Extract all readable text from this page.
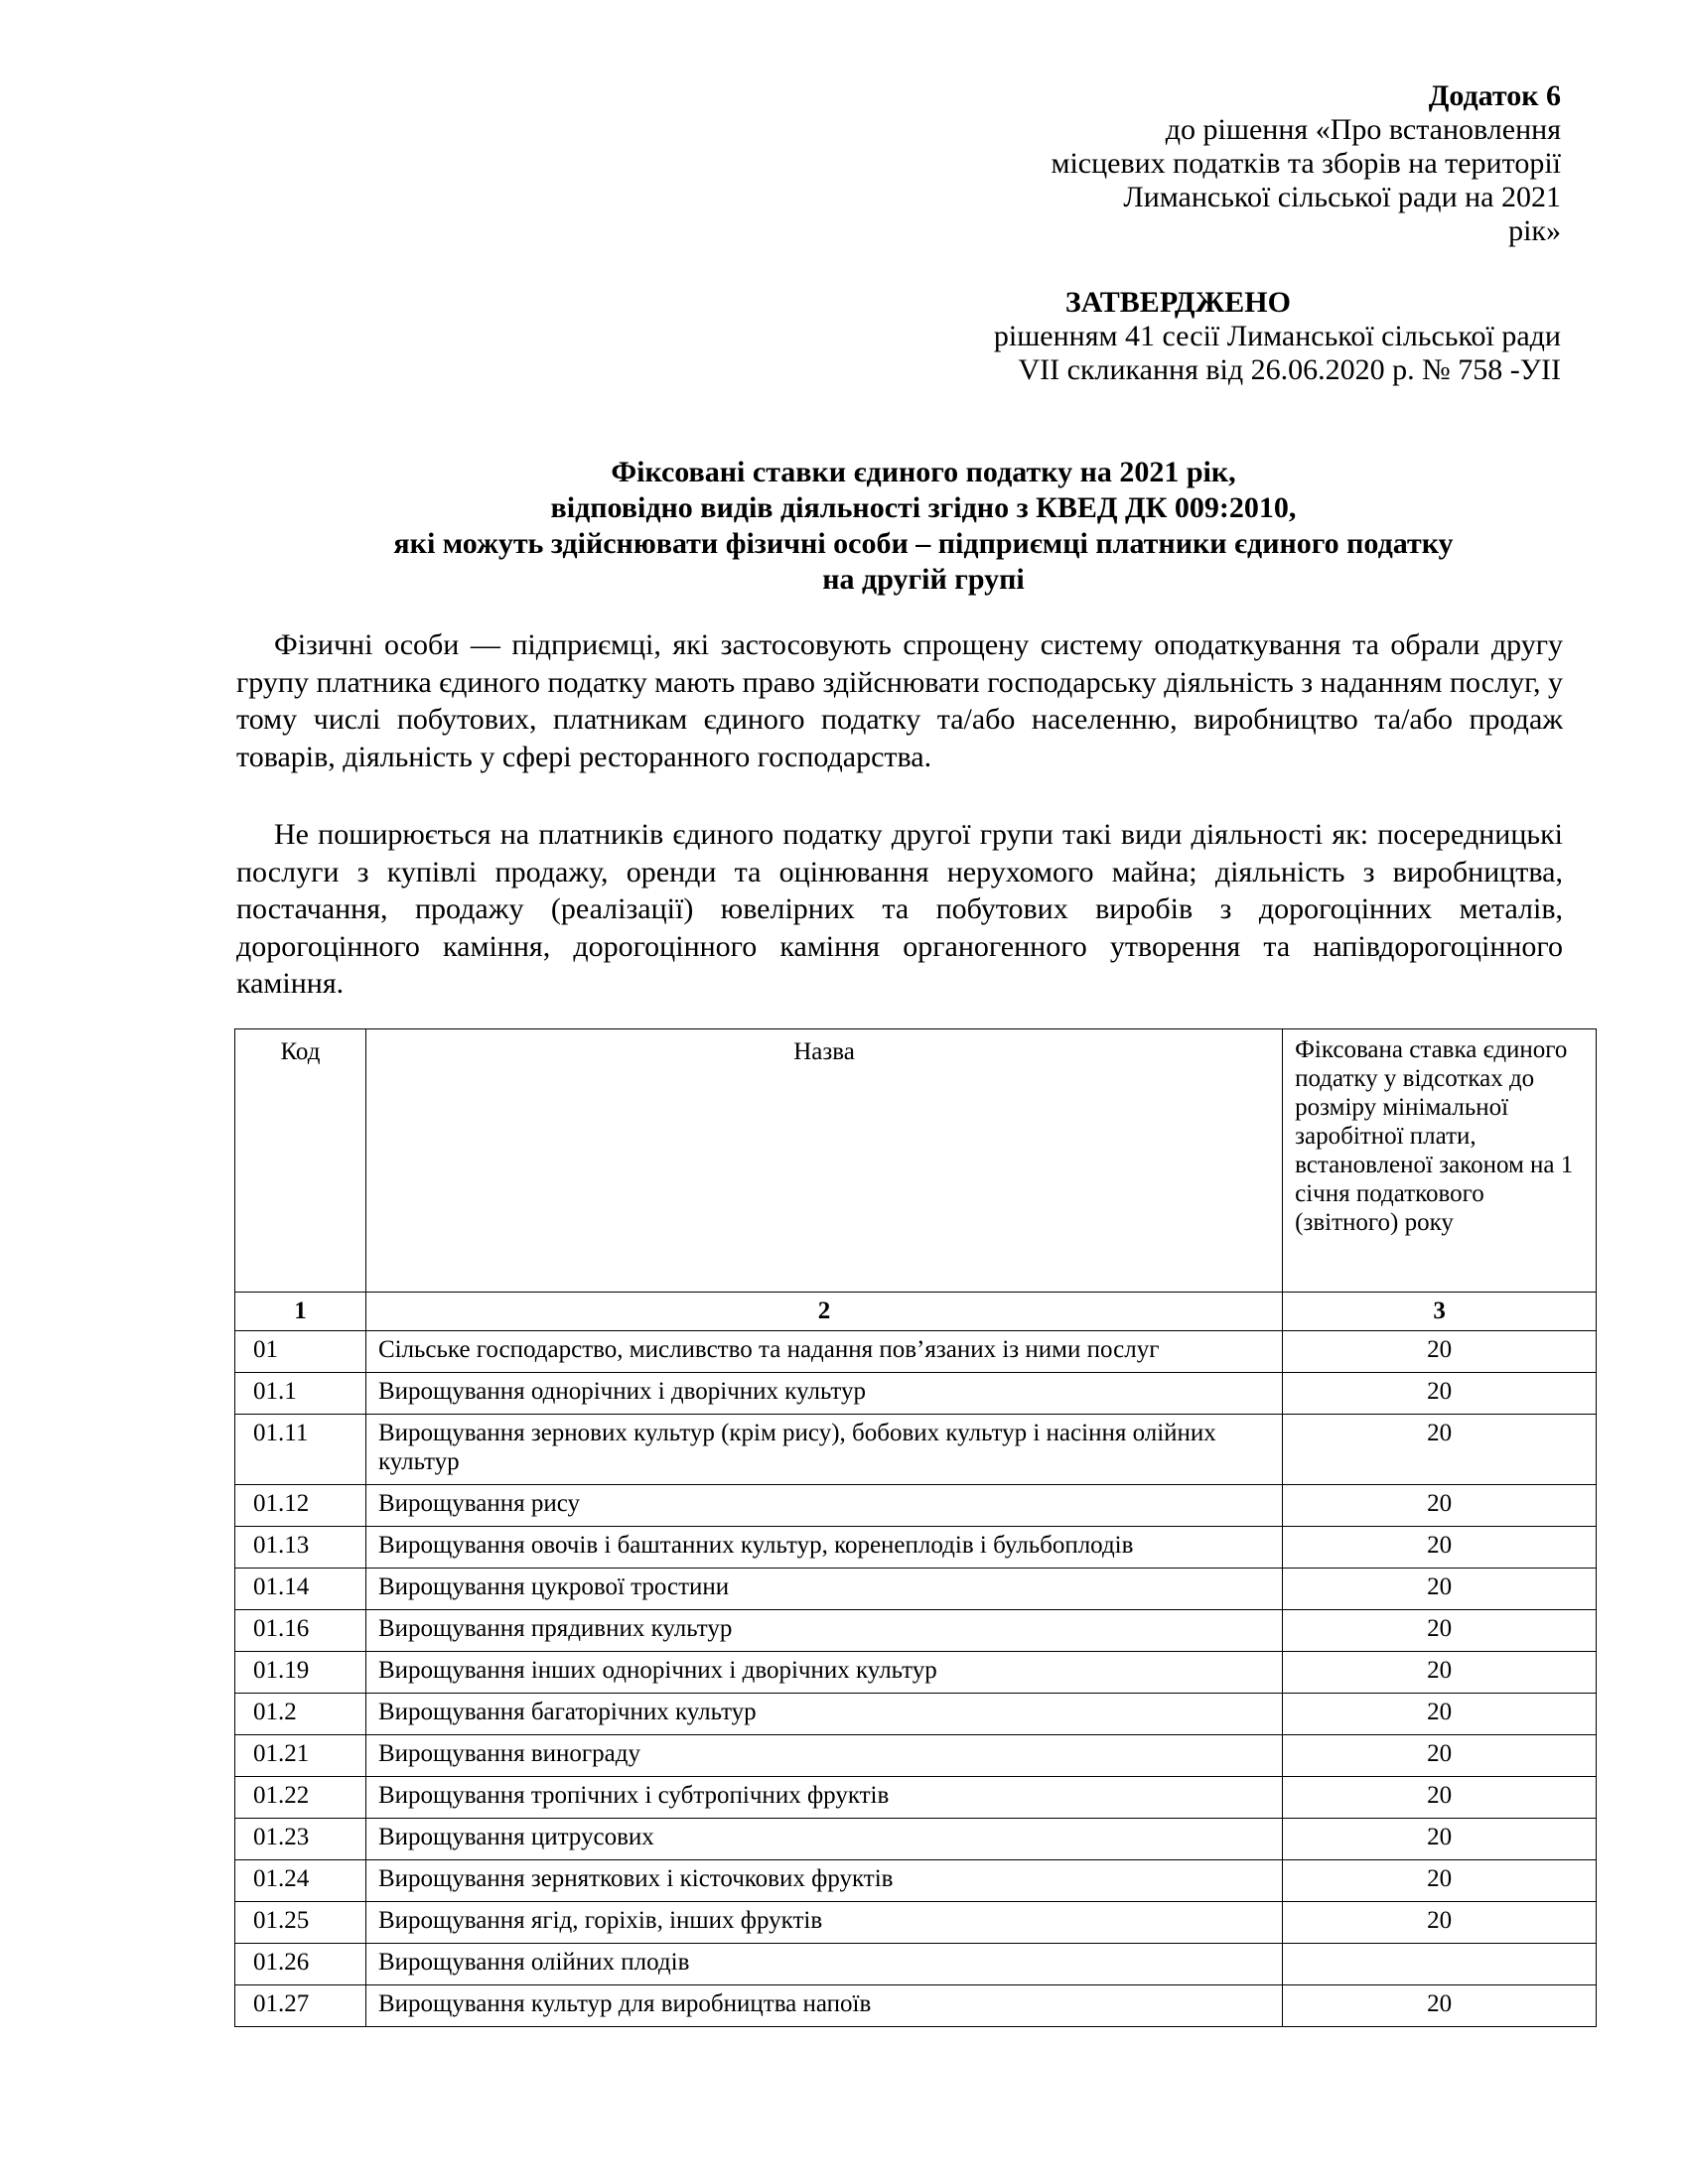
Додаток 6
до рішення «Про встановлення
місцевих податків та зборів на території
Лиманської сільської ради на 2021
рік»
ЗАТВЕРДЖЕНО
рішенням 41 сесії Лиманської сільської ради
VII скликання від 26.06.2020 р. № 758 -УІІ
Фіксовані ставки єдиного податку на 2021 рік,
відповідно видів діяльності згідно з КВЕД ДК 009:2010,
які можуть здійснювати фізичні особи – підприємці платники єдиного податку
на другій групі

Фізичні особи — підприємці, які застосовують спрощену систему оподаткування та обрали другу групу платника єдиного податку мають право здійснювати господарську діяльність з наданням послуг, у тому числі побутових, платникам єдиного податку та/або населенню, виробництво та/або продаж товарів, діяльність у сфері ресторанного господарства.

Не поширюється на платників єдиного податку другої групи такі види діяльності як: посередницькі послуги з купівлі продажу, оренди та оцінювання нерухомого майна; діяльність з виробництва, постачання, продажу (реалізації) ювелірних та побутових виробів з дорогоцінних металів, дорогоцінного каміння, дорогоцінного каміння органогенного утворення та напівдорогоцінного каміння.

Код	Назва	Фіксована ставка єдиного податку у відсотках до розміру мінімальної заробітної плати, встановленої законом на 1 січня податкового (звітного) року
1	2	3
01	Сільське господарство, мисливство та надання пов’язаних із ними послуг	20
01.1	Вирощування однорічних і дворічних культур	20
01.11	Вирощування зернових культур (крім рису), бобових культур і насіння олійних культур	20
01.12	Вирощування рису	20
01.13	Вирощування овочів і баштанних культур, коренеплодів і бульбоплодів	20
01.14	Вирощування цукрової тростини	20
01.16	Вирощування прядивних культур	20
01.19	Вирощування інших однорічних і дворічних культур	20
01.2	Вирощування багаторічних культур	20
01.21	Вирощування винограду	20
01.22	Вирощування тропічних і субтропічних фруктів	20
01.23	Вирощування цитрусових	20
01.24	Вирощування зерняткових і кісточкових фруктів	20
01.25	Вирощування ягід, горіхів, інших фруктів	20
01.26	Вирощування олійних плодів	
01.27	Вирощування культур для виробництва напоїв	20
